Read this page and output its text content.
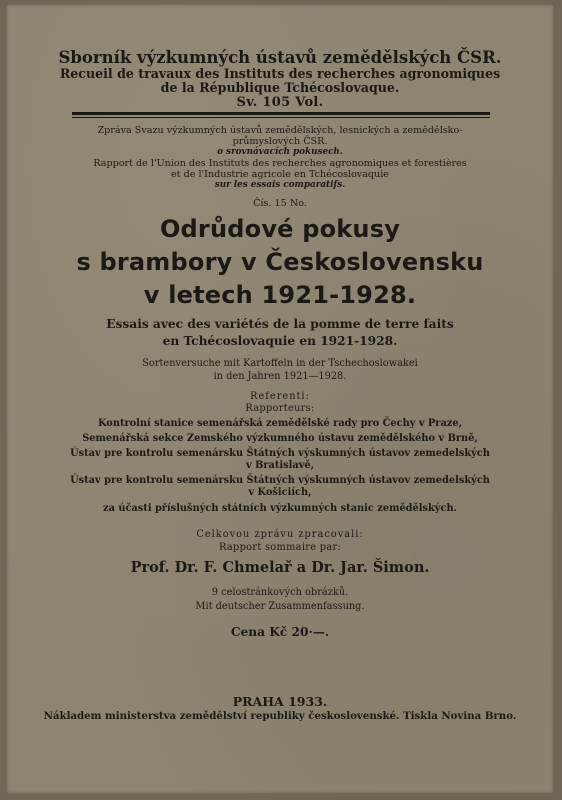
Sborník výzkumných ústavů zemědělských ČSR.
Recueil de travaux des Instituts des recherches agronomiques
de la République Tchécoslovaque.
Sv. 105 Vol.
Zpráva Svazu výzkumných ústavů zemědělských, lesnických a zemědělsko-
průmyslových ČSR.
o srovnávacích pokusech.
Rapport de l'Union des Instituts des recherches agronomiques et forestières
et de l'Industrie agricole en Tchécoslovaquie
sur les essais comparatifs.
Čís. 15 No.
Odrůdové pokusy
s brambory v Československu
v letech 1921-1928.
Essais avec des variétés de la pomme de terre faits
en Tchécoslovaquie en 1921-1928.
Sortenversuche mit Kartoffeln in der Tschechoslowakei
in den Jahren 1921—1928.
Referenti:
Rapporteurs:
Kontrolní stanice semenářská zemědělské rady pro Čechy v Praze,
Semenářská sekce Zemského výzkumného ústavu zemědělského v Brně,
Ústav pre kontrolu semenársku Štátných výskumných ústavov zemedelských
v Bratislavě,
Ústav pre kontrolu semenársku Štátných výskumných ústavov zemedelských
v Košiciích,
za účasti příslušných státních výzkumných stanic zemědělských.
Celkovou zprávu zpracovali:
Rapport sommaire par:
Prof. Dr. F. Chmelař a Dr. Jar. Šimon.
9 celostránkových obrázků.
Mit deutscher Zusammenfassung.
Cena Kč 20·—.
PRAHA 1933.
Nákladem ministerstva zemědělství republiky československé. Tiskla Novina Brno.
